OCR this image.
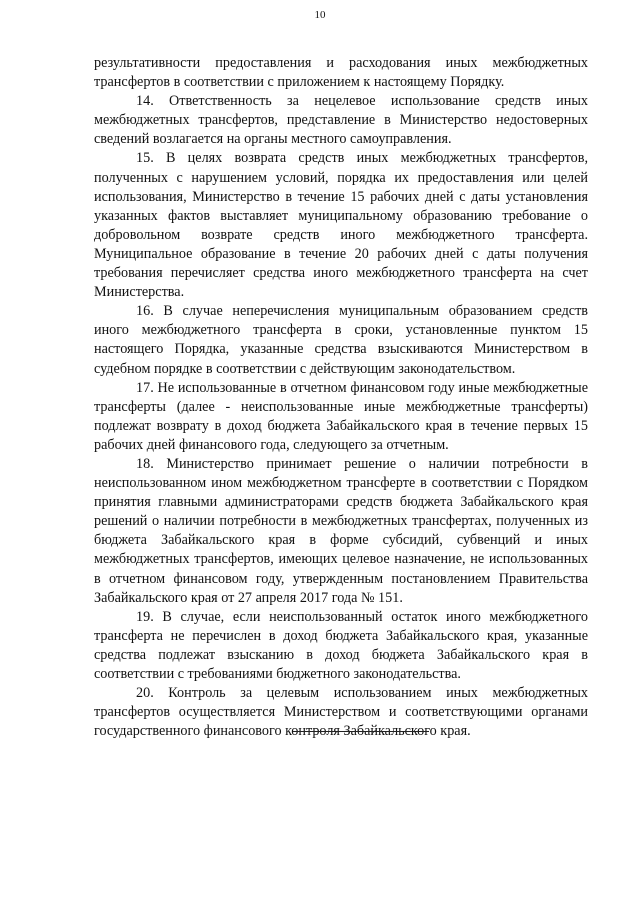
10

результативности предоставления и расходования иных межбюджетных трансфертов в соответствии с приложением к настоящему Порядку.

14. Ответственность за нецелевое использование средств иных межбюджетных трансфертов, представление в Министерство недостоверных сведений возлагается на органы местного самоуправления.

15. В целях возврата средств иных межбюджетных трансфертов, полученных с нарушением условий, порядка их предоставления или целей использования, Министерство в течение 15 рабочих дней с даты установления указанных фактов выставляет муниципальному образованию требование о добровольном возврате средств иного межбюджетного трансферта. Муниципальное образование в течение 20 рабочих дней с даты получения требования перечисляет средства иного межбюджетного трансферта на счет Министерства.

16. В случае неперечисления муниципальным образованием средств иного межбюджетного трансферта в сроки, установленные пунктом 15 настоящего Порядка, указанные средства взыскиваются Министерством в судебном порядке в соответствии с действующим законодательством.

17. Не использованные в отчетном финансовом году иные межбюджетные трансферты (далее - неиспользованные иные межбюджетные трансферты) подлежат возврату в доход бюджета Забайкальского края в течение первых 15 рабочих дней финансового года, следующего за отчетным.

18. Министерство принимает решение о наличии потребности в неиспользованном ином межбюджетном трансферте в соответствии с Порядком принятия главными администраторами средств бюджета Забайкальского края решений о наличии потребности в межбюджетных трансфертах, полученных из бюджета Забайкальского края в форме субсидий, субвенций и иных межбюджетных трансфертов, имеющих целевое назначение, не использованных в отчетном финансовом году, утвержденным постановлением Правительства Забайкальского края от 27 апреля 2017 года № 151.

19. В случае, если неиспользованный остаток иного межбюджетного трансферта не перечислен в доход бюджета Забайкальского края, указанные средства подлежат взысканию в доход бюджета Забайкальского края в соответствии с требованиями бюджетного законодательства.

20. Контроль за целевым использованием иных межбюджетных трансфертов осуществляется Министерством и соответствующими органами государственного финансового контроля Забайкальского края.
